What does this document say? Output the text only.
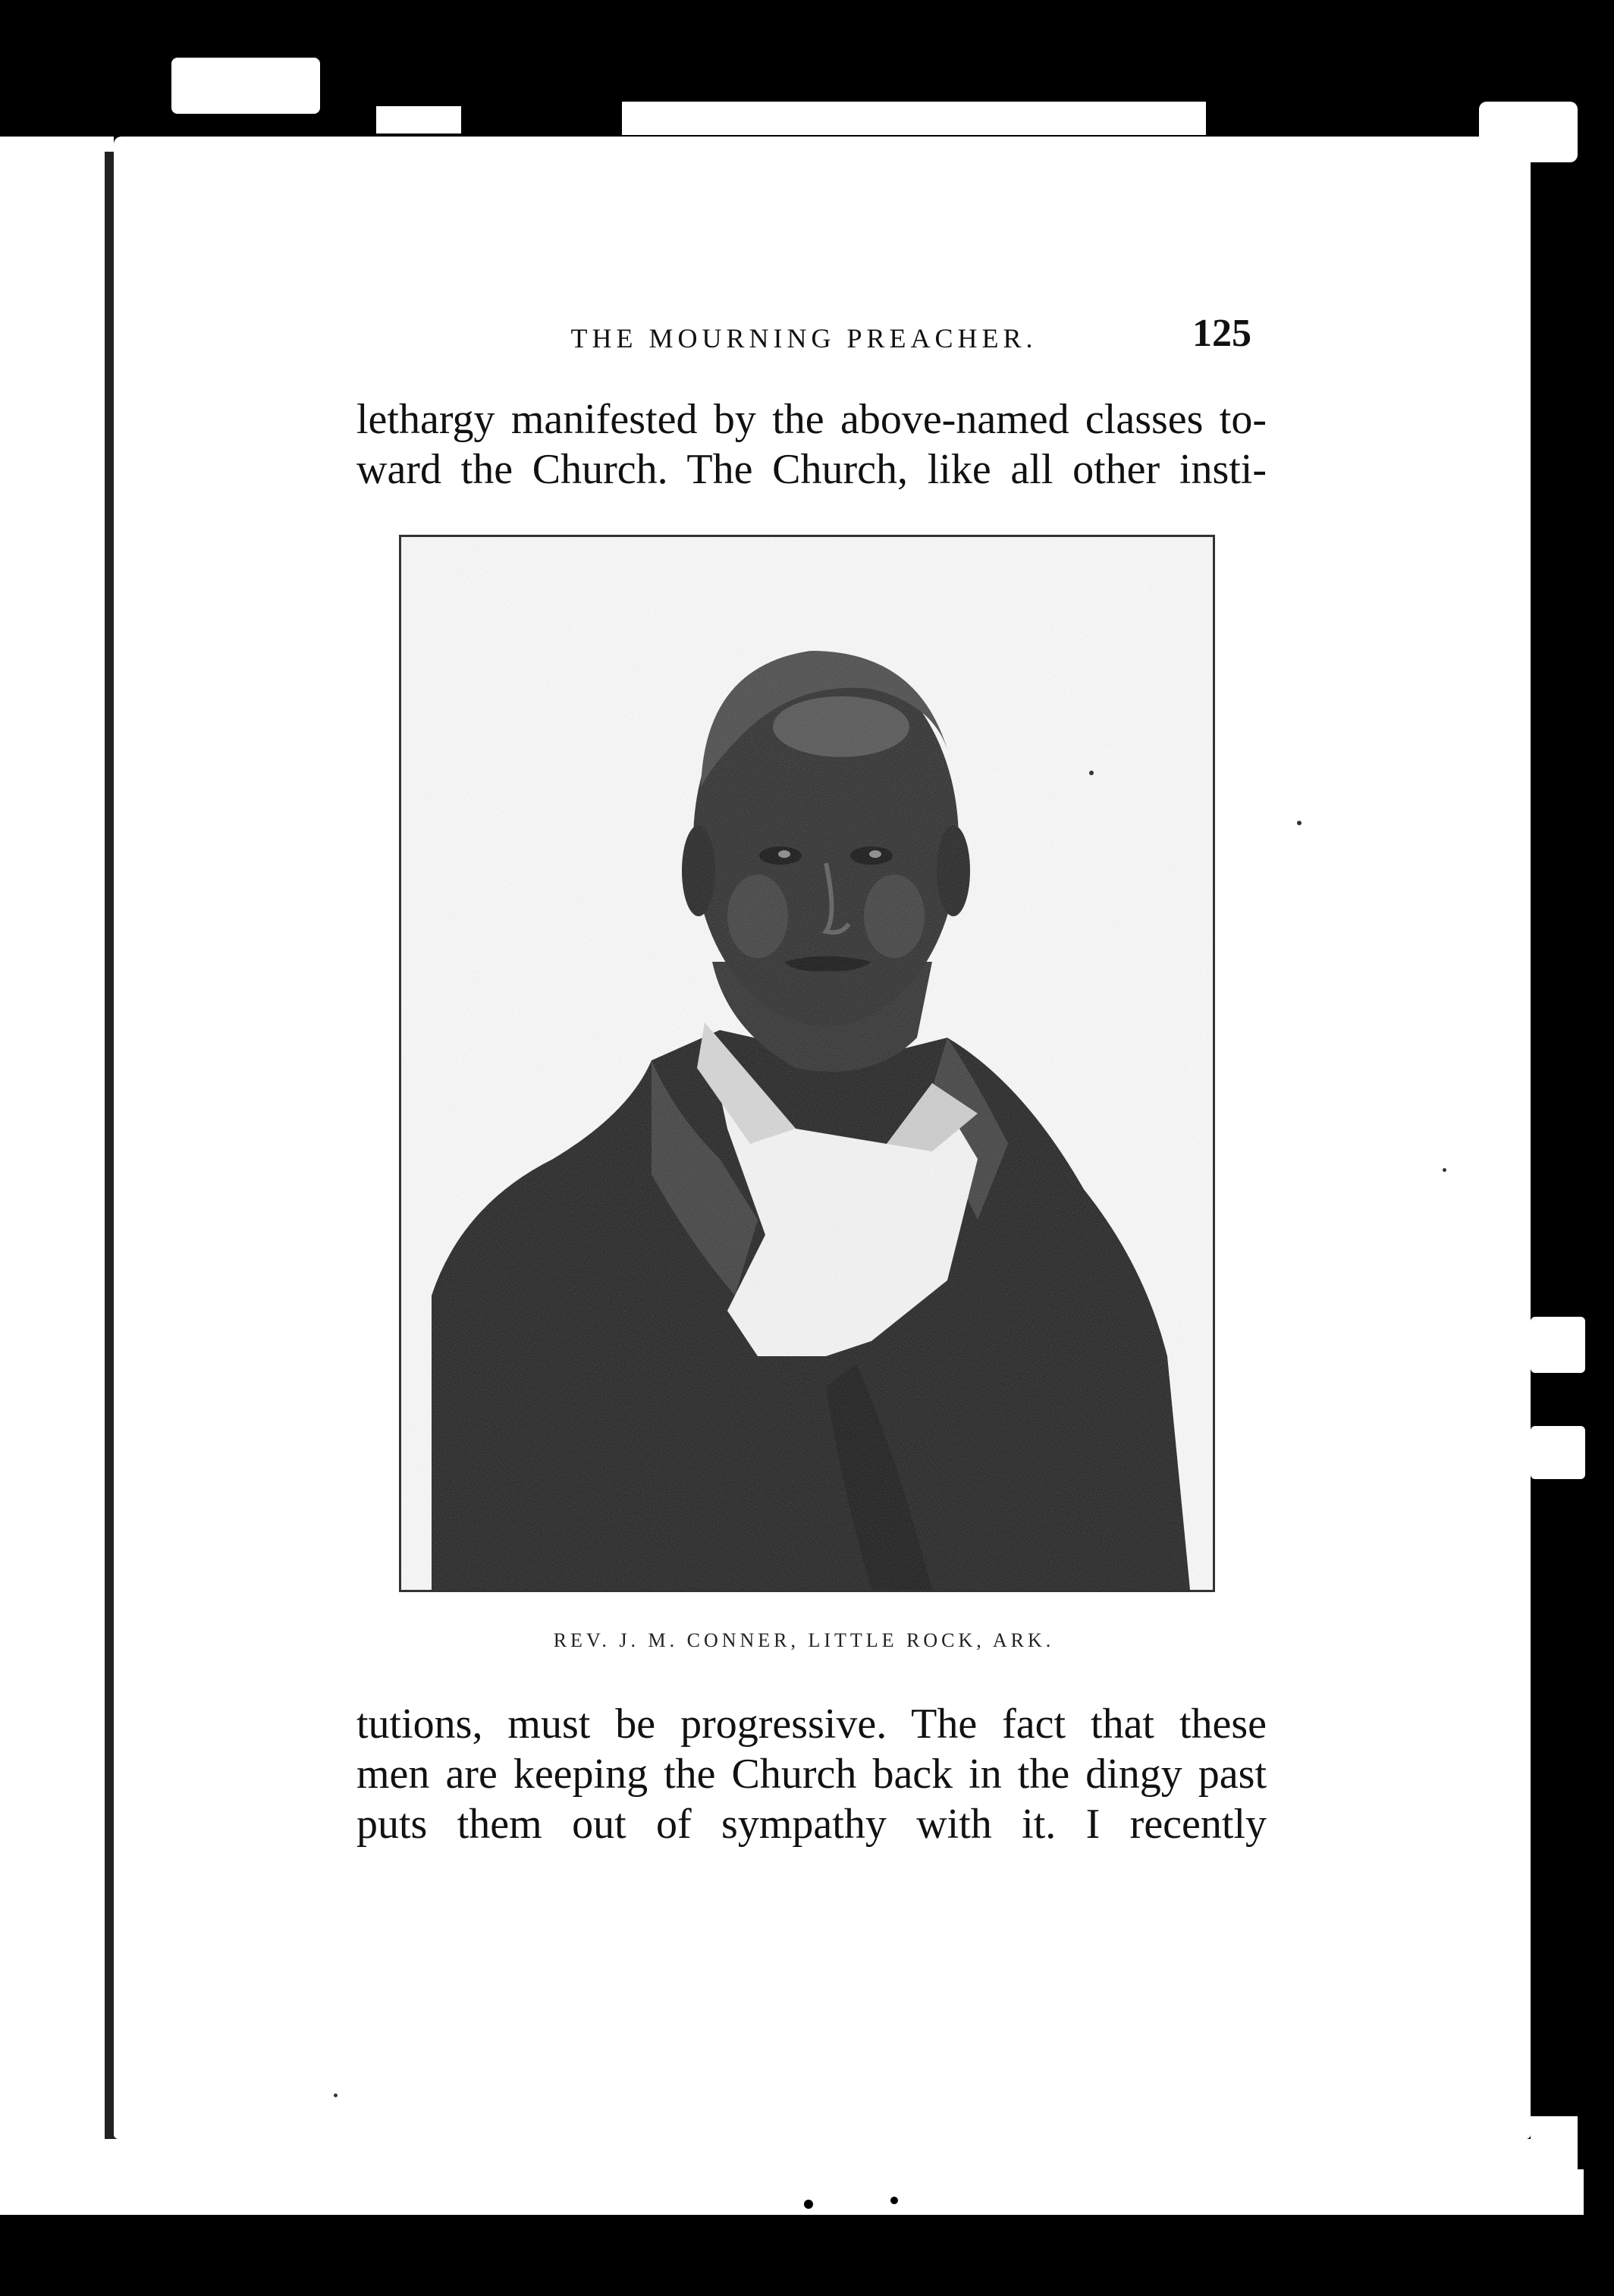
THE MOURNING PREACHER.	125
lethargy manifested by the above-named classes to-
ward the Church. The Church, like all other insti-
REV. J. M. CONNER, LITTLE ROCK, ARK.
tutions, must be progressive. The fact that these
men are keeping the Church back in the dingy past
puts them out of sympathy with it. I recently
